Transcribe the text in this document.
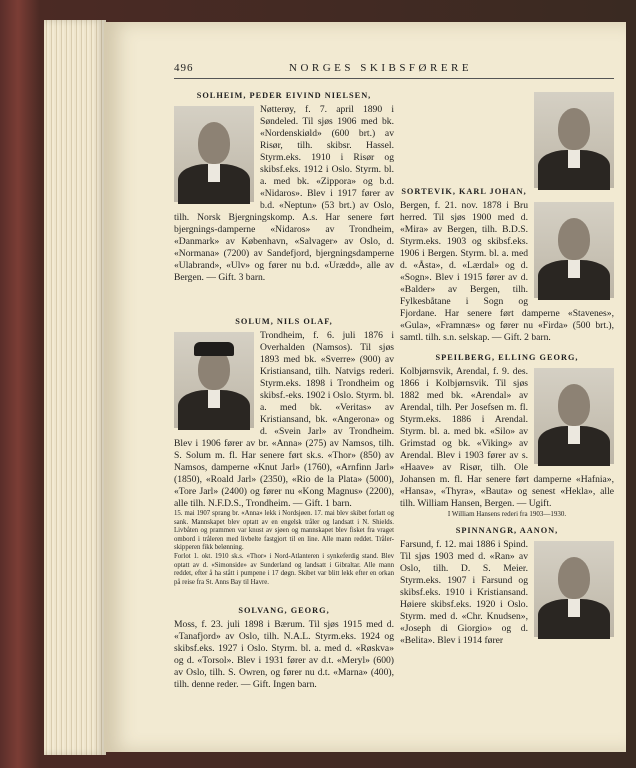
496	NORGES SKIBSFØRERE
SOLHEIM, PEDER EIVIND NIELSEN,

Nøtterøy, f. 7. april 1890 i Søndeled. Til sjøs 1906 med bk. «Nordenskiøld» (600 brt.) av Risør, tilh. skibsr. Hassel. Styrm.eks. 1910 i Risør og skibsf.eks. 1912 i Oslo. Styrm. bl. a. med bk. «Zippora» og b.d. «Nidaros». Blev i 1917 fører av b.d. «Neptun» (53 brt.) av Oslo, tilh. Norsk Bjergningskomp. A.s. Har senere ført bjergnings-damperne «Nidaros» av Trondheim, «Danmark» av København, «Salvager» av Oslo, d. «Normana» (7200) av Sandefjord, bjergningsdamperne «Ulabrand», «Ulv» og fører nu b.d. «Urædd», alle av Bergen. — Gift. 3 barn.

SOLUM, NILS OLAF,

Trondheim, f. 6. juli 1876 i Overhalden (Namsos). Til sjøs 1893 med bk. «Sverre» (900) av Kristiansand, tilh. Natvigs rederi. Styrm.eks. 1898 i Trondheim og skibsf.-eks. 1902 i Oslo. Styrm. bl. a. med bk. «Veritas» av Kristiansand, bk. «Angerona» og d. «Svein Jarl» av Trondheim. Blev i 1906 fører av br. «Anna» (275) av Namsos, tilh. S. Solum m. fl. Har senere ført sk.s. «Thor» (850) av Namsos, damperne «Knut Jarl» (1760), «Arnfinn Jarl» (1850), «Roald Jarl» (2350), «Rio de la Plata» (5000), «Tore Jarl» (2400) og fører nu «Kong Magnus» (2200), alle tilh. N.F.D.S., Trondheim. — Gift. 1 barn.

15. mai 1907 sprang br. «Anna» lekk i Nordsjøen. 17. mai blev skibet forlatt og sank. Mannskapet blev optatt av en engelsk tråler og landsatt i N. Shields. Livbåten og prammen var knust av sjøen og mannskapet blev fisket fra vraget ombord i tråleren med livbelte fastgjort til en line. Alle mann reddet. Tråler-skipperen fikk belønning.

Forlot 1. okt. 1910 sk.s. «Thor» i Nord-Atlanteren i synkeferdig stand. Blev optatt av d. «Simonside» av Sunderland og landsatt i Gibraltar. Alle mann reddet, efter å ha stått i pumpene i 17 døgn. Skibet var blitt lekk efter en orkan på reise fra St. Anns Bay til Havre.

SOLVANG, GEORG,

Moss, f. 23. juli 1898 i Bærum. Til sjøs 1915 med d. «Tanafjord» av Oslo, tilh. N.A.L. Styrm.eks. 1924 og skibsf.eks. 1927 i Oslo. Styrm. bl. a. med d. «Røskva» og d. «Torsol». Blev i 1931 fører av d.t. «Meryl» (600) av Oslo, tilh. S. Owren, og fører nu d.t. «Marna» (400), tilh. denne reder. — Gift. Ingen barn.

SORTEVIK, KARL JOHAN,

Bergen, f. 21. nov. 1878 i Bru herred. Til sjøs 1900 med d. «Mira» av Bergen, tilh. B.D.S. Styrm.eks. 1903 og skibsf.eks. 1906 i Bergen. Styrm. bl. a. med d. «Åsta», d. «Lærdal» og d. «Sogn». Blev i 1915 fører av d. «Balder» av Bergen, tilh. Fylkesbåtane i Sogn og Fjordane. Har senere ført damperne «Stavenes», «Gula», «Framnæs» og fører nu «Firda» (500 brt.), samtl. tilh. s.n. selskap. — Gift. 2 barn.

SPEILBERG, ELLING GEORG,

Kolbjørnsvik, Arendal, f. 9. des. 1866 i Kolbjørnsvik. Til sjøs 1882 med bk. «Arendal» av Arendal, tilh. Per Josefsen m. fl. Styrm.eks. 1886 i Arendal. Styrm. bl. a. med bk. «Silo» av Grimstad og bk. «Viking» av Arendal. Blev i 1903 fører av s. «Haave» av Risør, tilh. Ole Johansen m. fl. Har senere ført damperne «Hafnia», «Hansa», «Thyra», «Bauta» og senest «Hekla», alle tilh. William Hansen, Bergen. — Ugift.

I William Hansens rederi fra 1903—1930.

SPINNANGR, AANON,

Farsund, f. 12. mai 1886 i Spind. Til sjøs 1903 med d. «Ran» av Oslo, tilh. D. S. Meier. Styrm.eks. 1907 i Farsund og skibsf.eks. 1910 i Kristiansand. Høiere skibsf.eks. 1920 i Oslo. Styrm. med d. «Chr. Knudsen», «Joseph di Giorgio» og d. «Belita». Blev i 1914 fører
